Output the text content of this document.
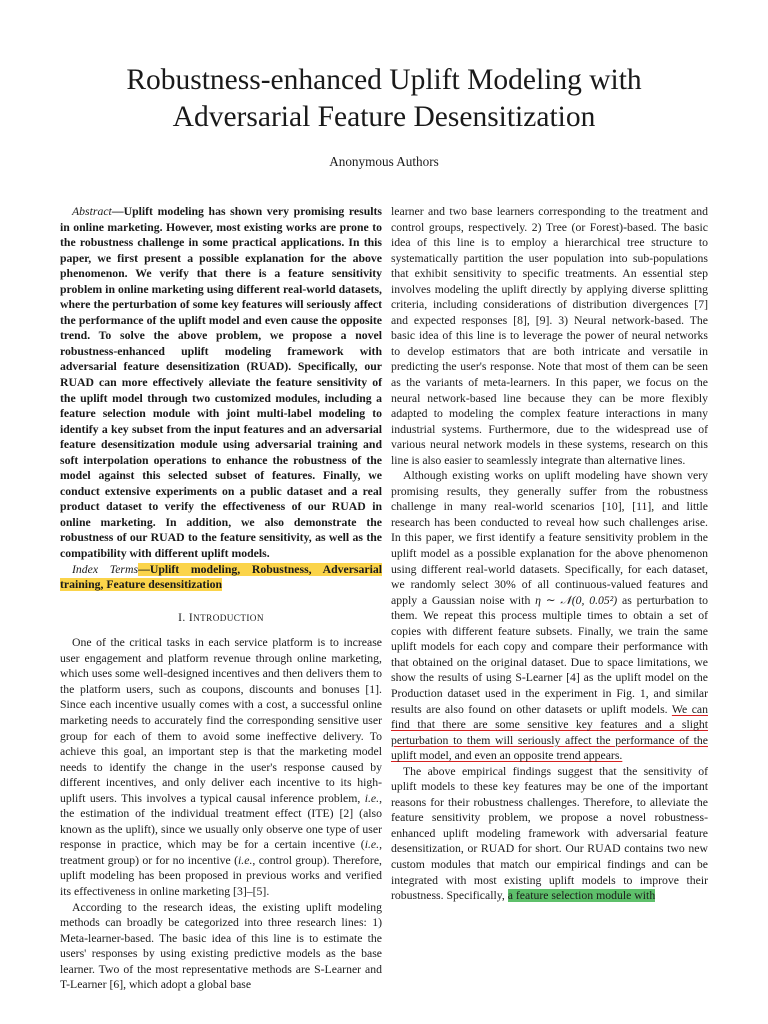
Robustness-enhanced Uplift Modeling with
Adversarial Feature Desensitization
Anonymous Authors

Abstract—Uplift modeling has shown very promising results in online marketing. However, most existing works are prone to the robustness challenge in some practical applications. In this paper, we first present a possible explanation for the above phenomenon. We verify that there is a feature sensitivity problem in online marketing using different real-world datasets, where the perturbation of some key features will seriously affect the performance of the uplift model and even cause the opposite trend. To solve the above problem, we propose a novel robustness-enhanced uplift modeling framework with adversarial feature desensitization (RUAD). Specifically, our RUAD can more effectively alleviate the feature sensitivity of the uplift model through two customized modules, including a feature selection module with joint multi-label modeling to identify a key subset from the input features and an adversarial feature desensitization module using adversarial training and soft interpolation operations to enhance the robustness of the model against this selected subset of features. Finally, we conduct extensive experiments on a public dataset and a real product dataset to verify the effectiveness of our RUAD in online marketing. In addition, we also demonstrate the robustness of our RUAD to the feature sensitivity, as well as the compatibility with different uplift models.

Index Terms—Uplift modeling, Robustness, Adversarial training, Feature desensitization

I. INTRODUCTION

One of the critical tasks in each service platform is to increase user engagement and platform revenue through online marketing, which uses some well-designed incentives and then delivers them to the platform users, such as coupons, discounts and bonuses [1]. Since each incentive usually comes with a cost, a successful online marketing needs to accurately find the corresponding sensitive user group for each of them to avoid some ineffective delivery. To achieve this goal, an important step is that the marketing model needs to identify the change in the user's response caused by different incentives, and only deliver each incentive to its high-uplift users. This involves a typical causal inference problem, i.e., the estimation of the individual treatment effect (ITE) [2] (also known as the uplift), since we usually only observe one type of user response in practice, which may be for a certain incentive (i.e., treatment group) or for no incentive (i.e., control group). Therefore, uplift modeling has been proposed in previous works and verified its effectiveness in online marketing [3]–[5].

According to the research ideas, the existing uplift modeling methods can broadly be categorized into three research lines: 1) Meta-learner-based. The basic idea of this line is to estimate the users' responses by using existing predictive models as the base learner. Two of the most representative methods are S-Learner and T-Learner [6], which adopt a global base

learner and two base learners corresponding to the treatment and control groups, respectively. 2) Tree (or Forest)-based. The basic idea of this line is to employ a hierarchical tree structure to systematically partition the user population into sub-populations that exhibit sensitivity to specific treatments. An essential step involves modeling the uplift directly by applying diverse splitting criteria, including considerations of distribution divergences [7] and expected responses [8], [9]. 3) Neural network-based. The basic idea of this line is to leverage the power of neural networks to develop estimators that are both intricate and versatile in predicting the user's response. Note that most of them can be seen as the variants of meta-learners. In this paper, we focus on the neural network-based line because they can be more flexibly adapted to modeling the complex feature interactions in many industrial systems. Furthermore, due to the widespread use of various neural network models in these systems, research on this line is also easier to seamlessly integrate than alternative lines.

Although existing works on uplift modeling have shown very promising results, they generally suffer from the robustness challenge in many real-world scenarios [10], [11], and little research has been conducted to reveal how such challenges arise. In this paper, we first identify a feature sensitivity problem in the uplift model as a possible explanation for the above phenomenon using different real-world datasets. Specifically, for each dataset, we randomly select 30% of all continuous-valued features and apply a Gaussian noise with η ∼ 𝒩(0, 0.05²) as perturbation to them. We repeat this process multiple times to obtain a set of copies with different feature subsets. Finally, we train the same uplift models for each copy and compare their performance with that obtained on the original dataset. Due to space limitations, we show the results of using S-Learner [4] as the uplift model on the Production dataset used in the experiment in Fig. 1, and similar results are also found on other datasets or uplift models. We can find that there are some sensitive key features and a slight perturbation to them will seriously affect the performance of the uplift model, and even an opposite trend appears.

The above empirical findings suggest that the sensitivity of uplift models to these key features may be one of the important reasons for their robustness challenges. Therefore, to alleviate the feature sensitivity problem, we propose a novel robustness-enhanced uplift modeling framework with adversarial feature desensitization, or RUAD for short. Our RUAD contains two new custom modules that match our empirical findings and can be integrated with most existing uplift models to improve their robustness. Specifically, a feature selection module with
